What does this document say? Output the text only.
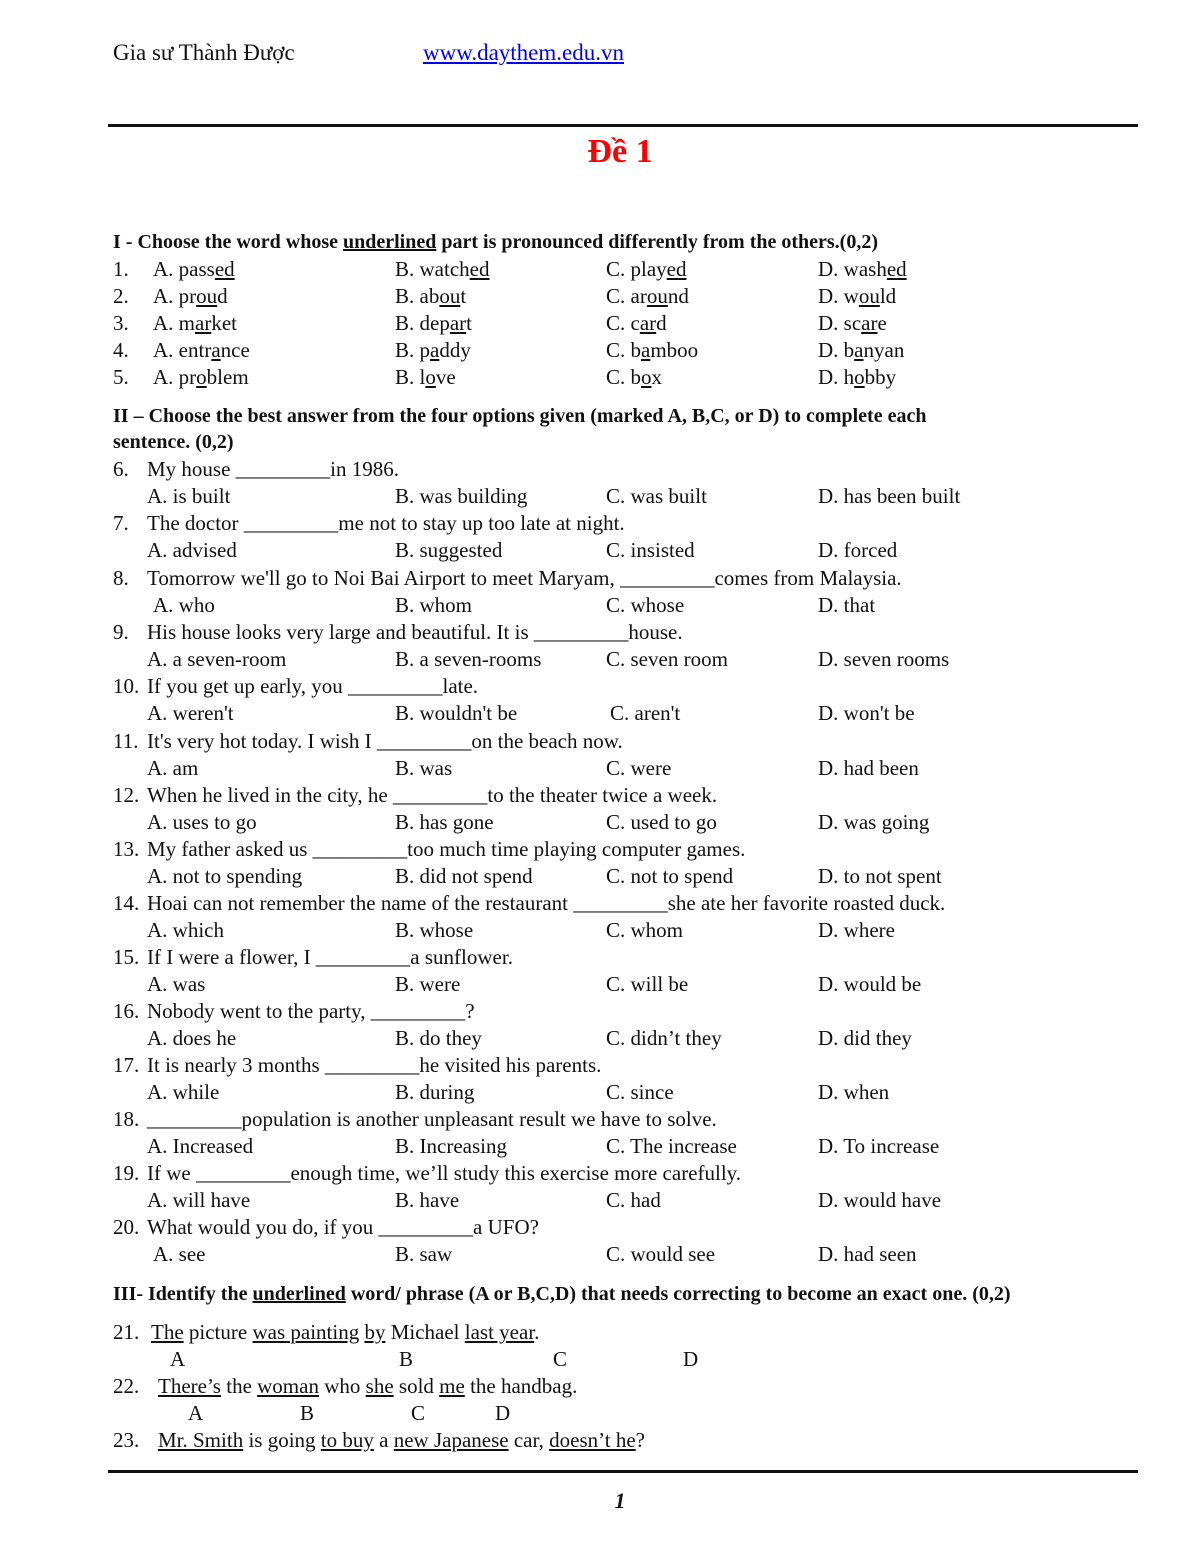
Gia sư Thành Được	www.daythem.edu.vn
Đề 1
I - Choose the word whose underlined part is pronounced differently from the others.(0,2)
1. A. passed	B. watched	C. played	D. washed
2. A. proud	B. about	C. around	D. would
3. A. market	B. depart	C. card	D. scare
4. A. entrance	B. paddy	C. bamboo	D. banyan
5. A. problem	B. love	C. box	D. hobby
II – Choose the best answer from the four options given (marked A, B,C, or D) to complete each
sentence. (0,2)
6. My house _________in 1986.
A. is built	B. was building	C. was built	D. has been built
7. The doctor _________me not to stay up too late at night.
A. advised	B. suggested	C. insisted	D. forced
8. Tomorrow we'll go to Noi Bai Airport to meet Maryam, _________comes from Malaysia.
A. who	B. whom	C. whose	D. that
9. His house looks very large and beautiful. It is _________house.
A. a seven-room	B. a seven-rooms	C. seven room	D. seven rooms
10. If you get up early, you _________late.
A. weren't	B. wouldn't be	C. aren't	D. won't be
11. It's very hot today. I wish I _________on the beach now.
A. am	B. was	C. were	D. had been
12. When he lived in the city, he _________to the theater twice a week.
A. uses to go	B. has gone	C. used to go	D. was going
13. My father asked us _________too much time playing computer games.
A. not to spending	B. did not spend	C. not to spend	D. to not spent
14. Hoai can not remember the name of the restaurant _________she ate her favorite roasted duck.
A. which	B. whose	C. whom	D. where
15. If I were a flower, I _________a sunflower.
A. was	B. were	C. will be	D. would be
16. Nobody went to the party, _________?
A. does he	B. do they	C. didn’t they	D. did they
17. It is nearly 3 months _________he visited his parents.
A. while	B. during	C. since	D. when
18. _________population is another unpleasant result we have to solve.
A. Increased	B. Increasing	C. The increase	D. To increase
19. If we _________enough time, we’ll study this exercise more carefully.
A. will have	B. have	C. had	D. would have
20. What would you do, if you _________a UFO?
A. see	B. saw	C. would see	D. had seen
III- Identify the underlined word/ phrase (A or B,C,D) that needs correcting to become an exact one. (0,2)
21. The picture was painting by Michael last year.
A	B	C	D
22. There’s the woman who she sold me the handbag.
A	B	C	D
23. Mr. Smith is going to buy a new Japanese car, doesn’t he?
1
